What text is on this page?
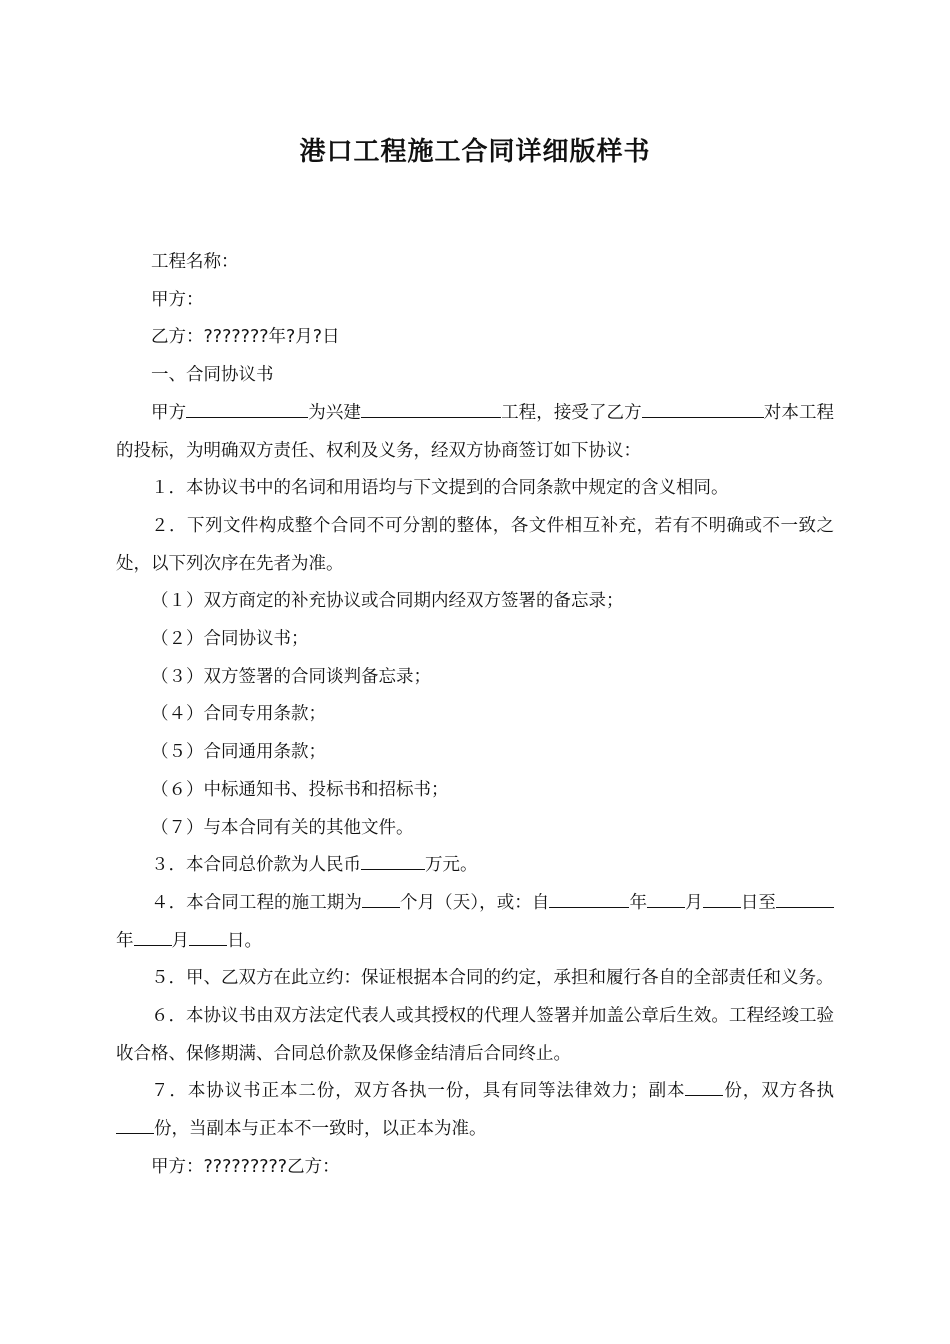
港口工程施工合同详细版样书

工程名称：

甲方：

乙方：???????年?月?日

一、合同协议书

甲方	为兴建	工程，接受了乙方	对本工程的投标，为明确双方责任、权利及义务，经双方协商签订如下协议：

１．本协议书中的名词和用语均与下文提到的合同条款中规定的含义相同。

２．下列文件构成整个合同不可分割的整体，各文件相互补充，若有不明确或不一致之处，以下列次序在先者为准。

（１）双方商定的补充协议或合同期内经双方签署的备忘录；

（２）合同协议书；

（３）双方签署的合同谈判备忘录；

（４）合同专用条款；

（５）合同通用条款；

（６）中标通知书、投标书和招标书；

（７）与本合同有关的其他文件。

３．本合同总价款为人民币	万元。

４．本合同工程的施工期为 个月（天），或：自	年 月 日至年 月 日。

５．甲、乙双方在此立约：保证根据本合同的约定，承担和履行各自的全部责任和义务。

６．本协议书由双方法定代表人或其授权的代理人签署并加盖公章后生效。工程经竣工验收合格、保修期满、合同总价款及保修金结清后合同终止。

７．本协议书正本二份，双方各执一份，具有同等法律效力；副本 份，双方各执份，当副本与正本不一致时，以正本为准。

甲方：?????????乙方：
